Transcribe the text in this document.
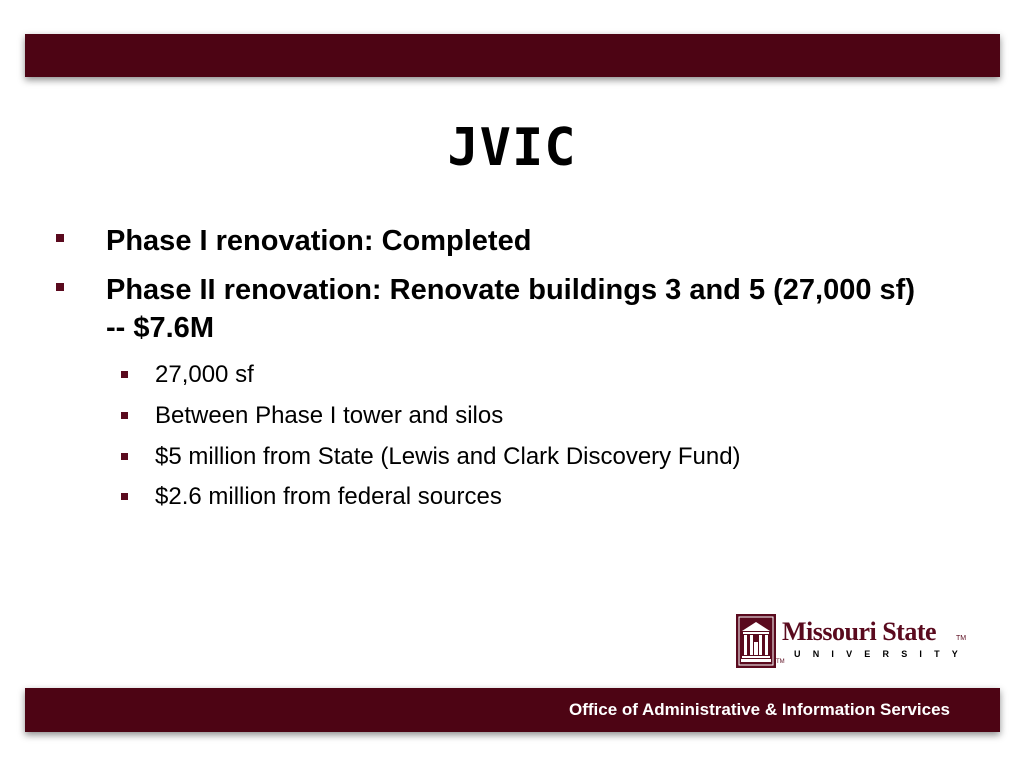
JVIC
Phase I renovation: Completed
Phase II renovation: Renovate buildings 3 and 5 (27,000 sf) -- $7.6M
27,000 sf
Between Phase I tower and silos
$5 million from State (Lewis and Clark Discovery Fund)
$2.6 million from federal sources
Missouri State	TM
UNIVERSITY
TM
Office of Administrative & Information Services
